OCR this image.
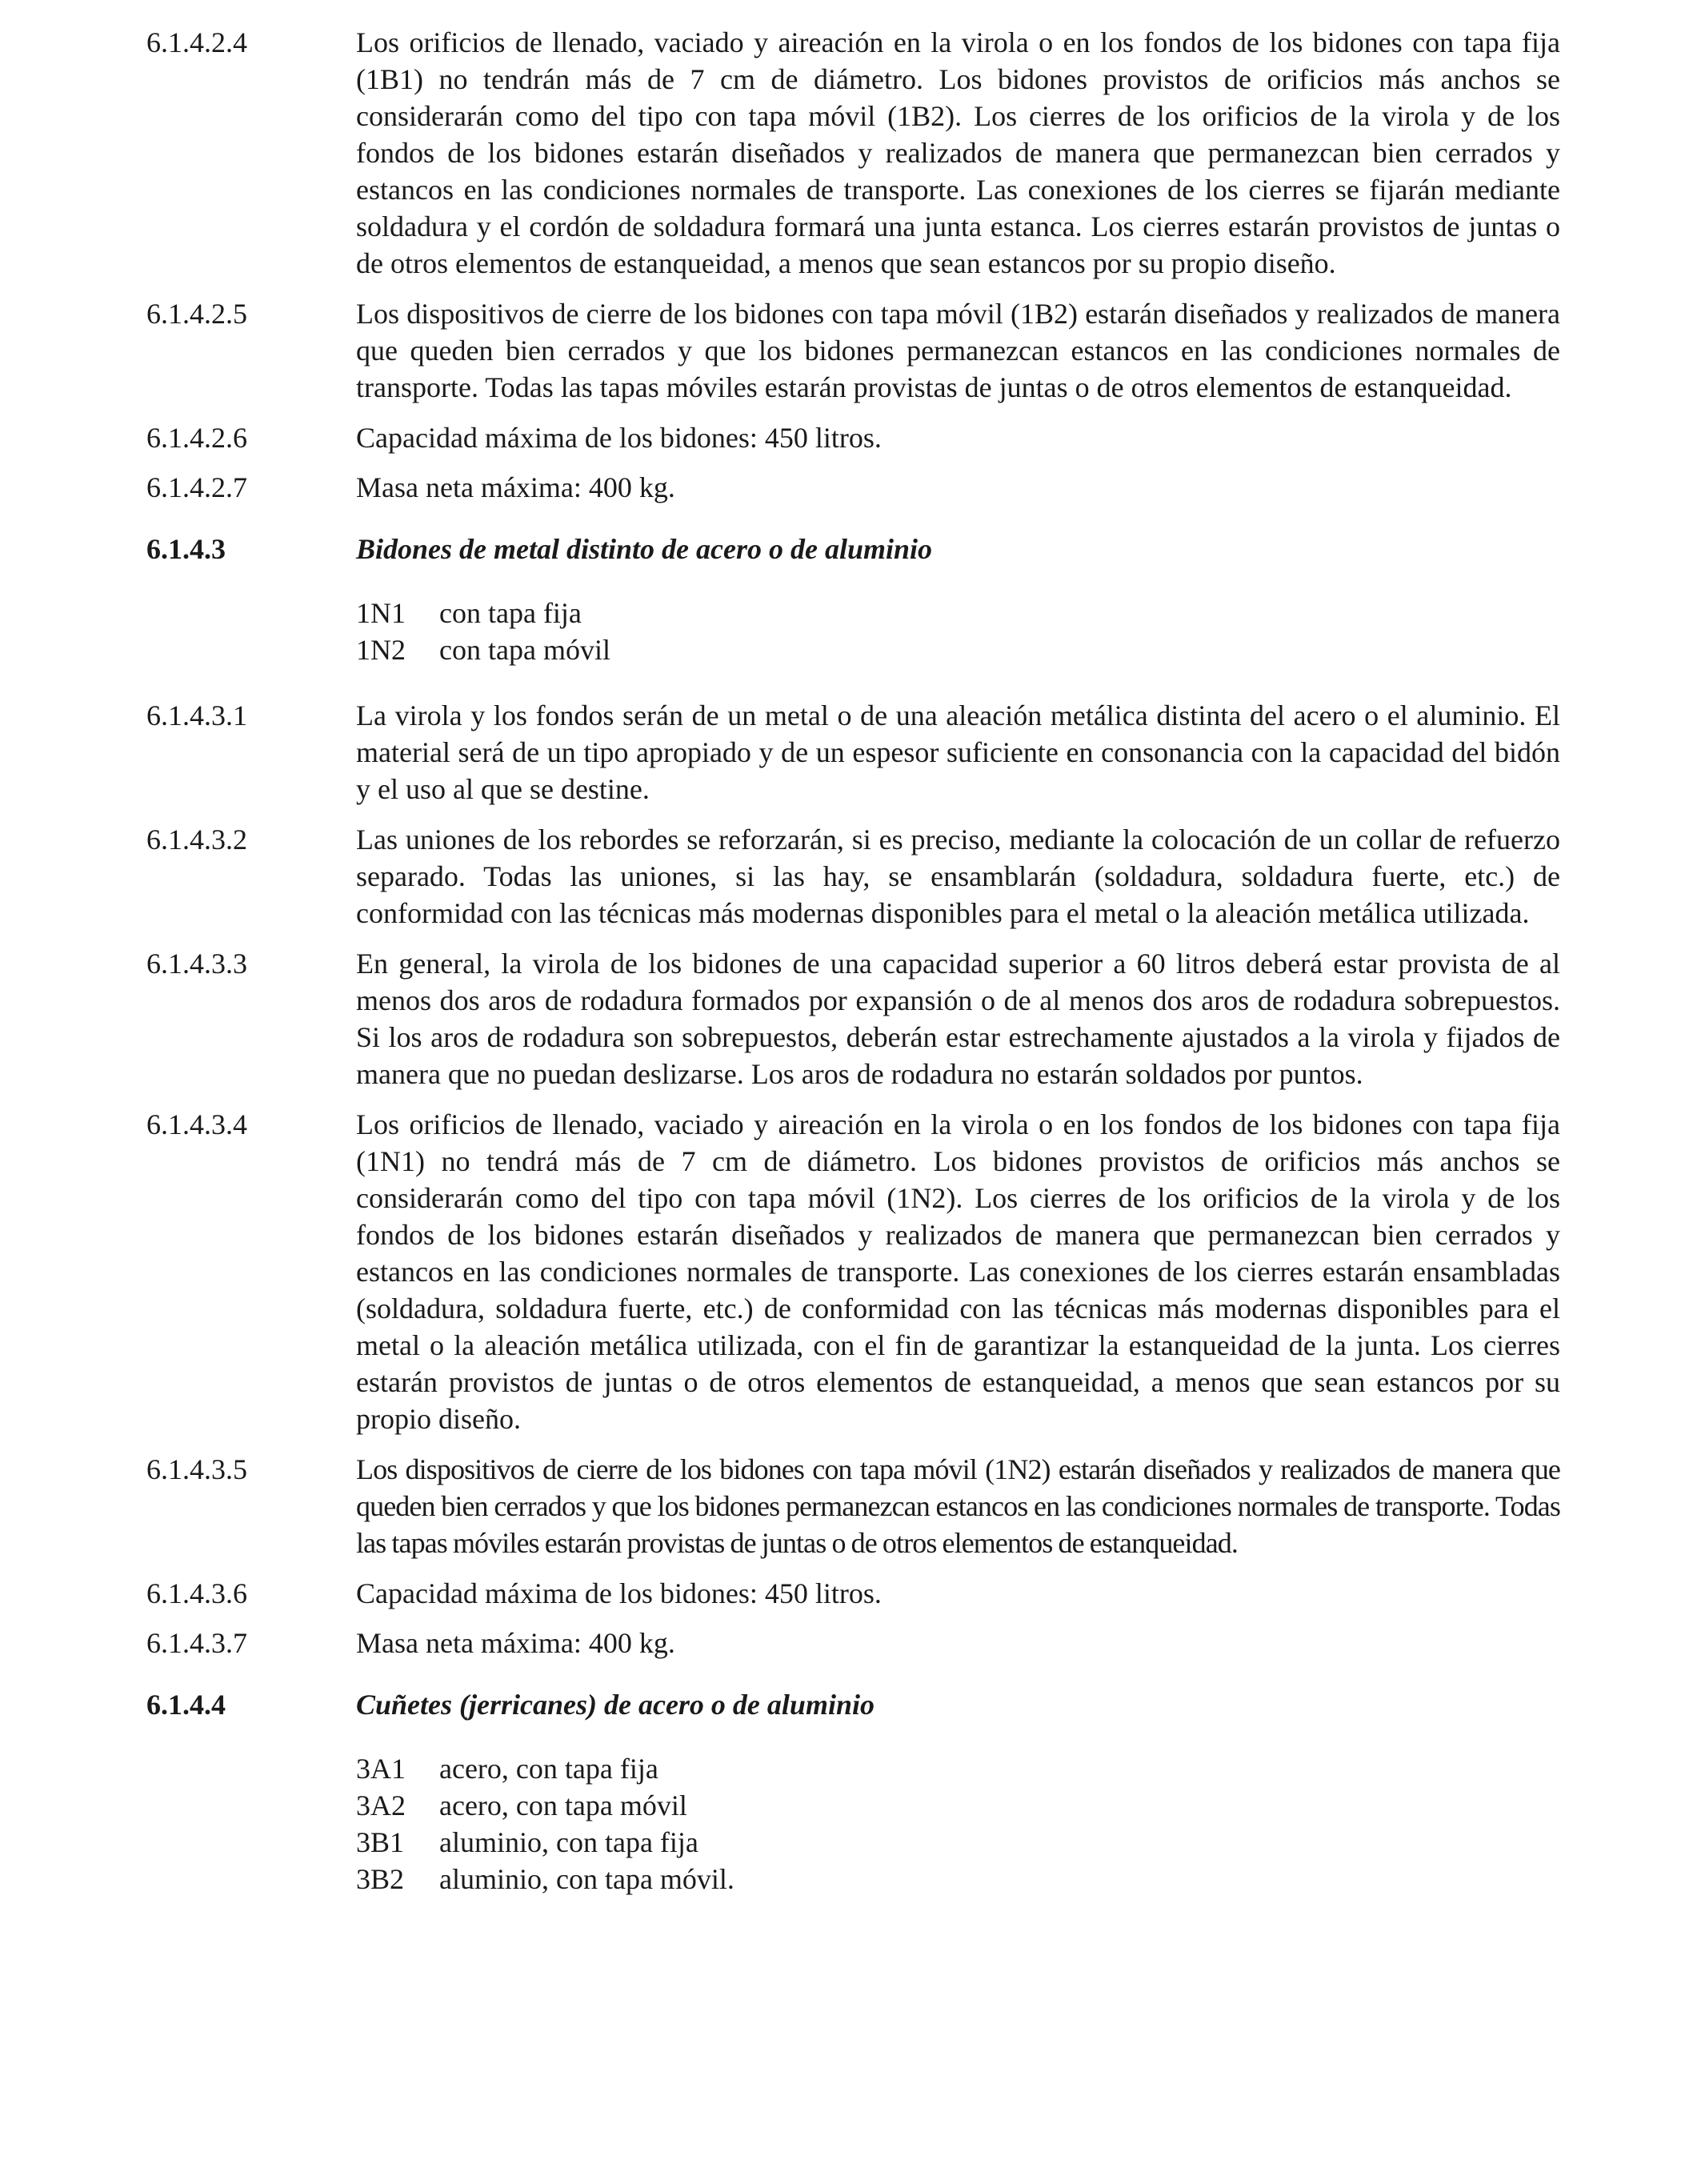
6.1.4.2.4	Los orificios de llenado, vaciado y aireación en la virola o en los fondos de los bidones con tapa fija (1B1) no tendrán más de 7 cm de diámetro. Los bidones provistos de orificios más anchos se considerarán como del tipo con tapa móvil (1B2). Los cierres de los orificios de la virola y de los fondos de los bidones estarán diseñados y realizados de manera que permanezcan bien cerrados y estancos en las condiciones normales de transporte. Las conexiones de los cierres se fijarán mediante soldadura y el cordón de soldadura formará una junta estanca. Los cierres estarán provistos de juntas o de otros elementos de estanqueidad, a menos que sean estancos por su propio diseño.
6.1.4.2.5	Los dispositivos de cierre de los bidones con tapa móvil (1B2) estarán diseñados y realizados de manera que queden bien cerrados y que los bidones permanezcan estancos en las condiciones normales de transporte. Todas las tapas móviles estarán provistas de juntas o de otros elementos de estanqueidad.
6.1.4.2.6	Capacidad máxima de los bidones: 450 litros.
6.1.4.2.7	Masa neta máxima: 400 kg.
6.1.4.3	Bidones de metal distinto de acero o de aluminio
1N1	con tapa fija
1N2	con tapa móvil
6.1.4.3.1	La virola y los fondos serán de un metal o de una aleación metálica distinta del acero o el aluminio. El material será de un tipo apropiado y de un espesor suficiente en consonancia con la capacidad del bidón y el uso al que se destine.
6.1.4.3.2	Las uniones de los rebordes se reforzarán, si es preciso, mediante la colocación de un collar de refuerzo separado. Todas las uniones, si las hay, se ensamblarán (soldadura, soldadura fuerte, etc.) de conformidad con las técnicas más modernas disponibles para el metal o la aleación metálica utilizada.
6.1.4.3.3	En general, la virola de los bidones de una capacidad superior a 60 litros deberá estar provista de al menos dos aros de rodadura formados por expansión o de al menos dos aros de rodadura sobrepuestos. Si los aros de rodadura son sobrepuestos, deberán estar estrechamente ajustados a la virola y fijados de manera que no puedan deslizarse. Los aros de rodadura no estarán soldados por puntos.
6.1.4.3.4	Los orificios de llenado, vaciado y aireación en la virola o en los fondos de los bidones con tapa fija (1N1) no tendrá más de 7 cm de diámetro. Los bidones provistos de orificios más anchos se considerarán como del tipo con tapa móvil (1N2). Los cierres de los orificios de la virola y de los fondos de los bidones estarán diseñados y realizados de manera que permanezcan bien cerrados y estancos en las condiciones normales de transporte. Las conexiones de los cierres estarán ensambladas (soldadura, soldadura fuerte, etc.) de conformidad con las técnicas más modernas disponibles para el metal o la aleación metálica utilizada, con el fin de garantizar la estanqueidad de la junta. Los cierres estarán provistos de juntas o de otros elementos de estanqueidad, a menos que sean estancos por su propio diseño.
6.1.4.3.5	Los dispositivos de cierre de los bidones con tapa móvil (1N2) estarán diseñados y realizados de manera que queden bien cerrados y que los bidones permanezcan estancos en las condiciones normales de transporte. Todas las tapas móviles estarán provistas de juntas o de otros elementos de estanqueidad.
6.1.4.3.6	Capacidad máxima de los bidones: 450 litros.
6.1.4.3.7	Masa neta máxima: 400 kg.
6.1.4.4	Cuñetes (jerricanes) de acero o de aluminio
3A1	acero, con tapa fija
3A2	acero, con tapa móvil
3B1	aluminio, con tapa fija
3B2	aluminio, con tapa móvil.
